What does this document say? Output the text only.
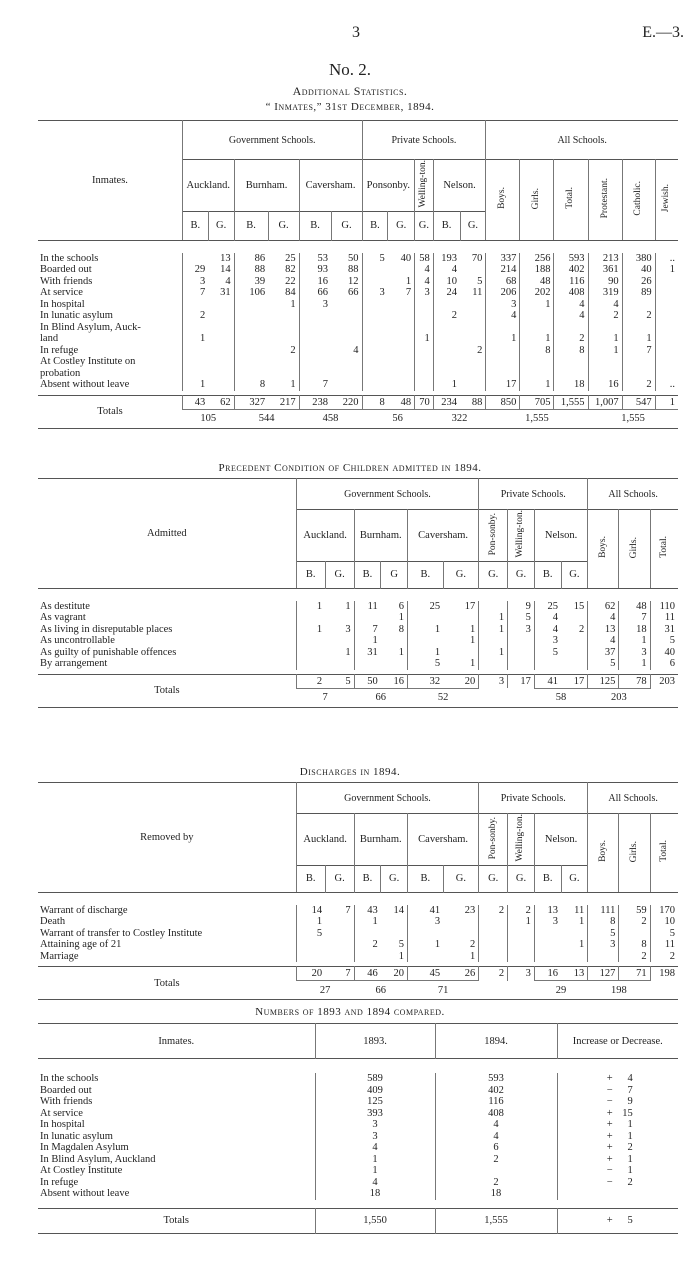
3	E.—3.
No. 2.
Additional Statistics.
“ Inmates,” 31st December, 1894.
Inmates.	Government Schools.						Private Schools.					All Schools.					
	Auckland.		Burnham.		Caversham.		Ponsonby.		Welling-ton.	Nelson.		Boys.	Girls.	Total.	Protestant.	Catholic.	Jewish.
	B.	G.	B.	G.	B.	G.	B.	G.	G.	B.	G.						

In the schools		13	86	25	53	50	5	40	58	193	70	337	256	593	213	380	..
Boarded out	29	14	88	82	93	88			4	4		214	188	402	361	40	1
With friends	3	4	39	22	16	12		1	4	10	5	68	48	116	90	26	
At service	7	31	106	84	66	66	3	7	3	24	11	206	202	408	319	89	
In hospital				1	3							3	1	4	4		
In lunatic asylum	2									2		4		4	2	2	
In Blind Asylum, Auck-																	
land	1								1			1	1	2	1	1	
In refuge				2		4					2		8	8	1	7	
At Costley Institute on																	
probation																	
Absent without leave	1		8	1	7					1		17	1	18	16	2	..

Totals	43	62	327	217	238	220	8	48	70	234	88	850	705	1,555	1,007	547	1
	105		544		458		56			322		1,555			1,555		
Precedent Condition of Children admitted in 1894.
Admitted	Government Schools.						Private Schools.				All Schools.		
	Auckland.		Burnham.		Caversham.		Pon-sonby.	Welling-ton.	Nelson.		Boys.	Girls.	Total.
	B.	G.	B.	G	B.	G.	G.	G.	B.	G.			

As destitute	1	1	11	6	25	17		9	25	15	62	48	110
As vagrant				1			1	5	4		4	7	11
As living in disreputable places	1	3	7	8	1	1	1	3	4	2	13	18	31
As uncontrollable			1			1			3		4	1	5
As guilty of punishable offences		1	31	1	1		1		5		37	3	40
By arrangement					5	1					5	1	6

Totals	2	5	50	16	32	20	3	17	41	17	125	78	203
	7		66		52				58		203		
Discharges in 1894.
Removed by	Government Schools.						Private Schools.				All Schools.		
	Auckland.		Burnham.		Caversham.		Pon-sonby.	Welling-ton.	Nelson.		Boys.	Girls.	Total.
	B.	G.	B.	G.	B.	G.	G.	G.	B.	G.			

Warrant of discharge	14	7	43	14	41	23	2	2	13	11	111	59	170
Death	1		1		3			1	3	1	8	2	10
Warrant of transfer to Costley Institute	5										5		5
Attaining age of 21			2	5	1	2				1	3	8	11
Marriage				1		1						2	2

Totals	20	7	46	20	45	26	2	3	16	13	127	71	198
	27		66		71				29		198		
Numbers of 1893 and 1894 compared.
Inmates.	1893.	1894.	Increase or Decrease.

In the schools	589	593	+ 4
Boarded out	409	402	− 7
With friends	125	116	− 9
At service	393	408	+ 15
In hospital	3	4	+ 1
In lunatic asylum	3	4	+ 1
In Magdalen Asylum	4	6	+ 2
In Blind Asylum, Auckland	1	2	+ 1
At Costley Institute	1		− 1
In refuge	4	2	− 2
Absent without leave	18	18	

Totals	1,550	1,555	+ 5
